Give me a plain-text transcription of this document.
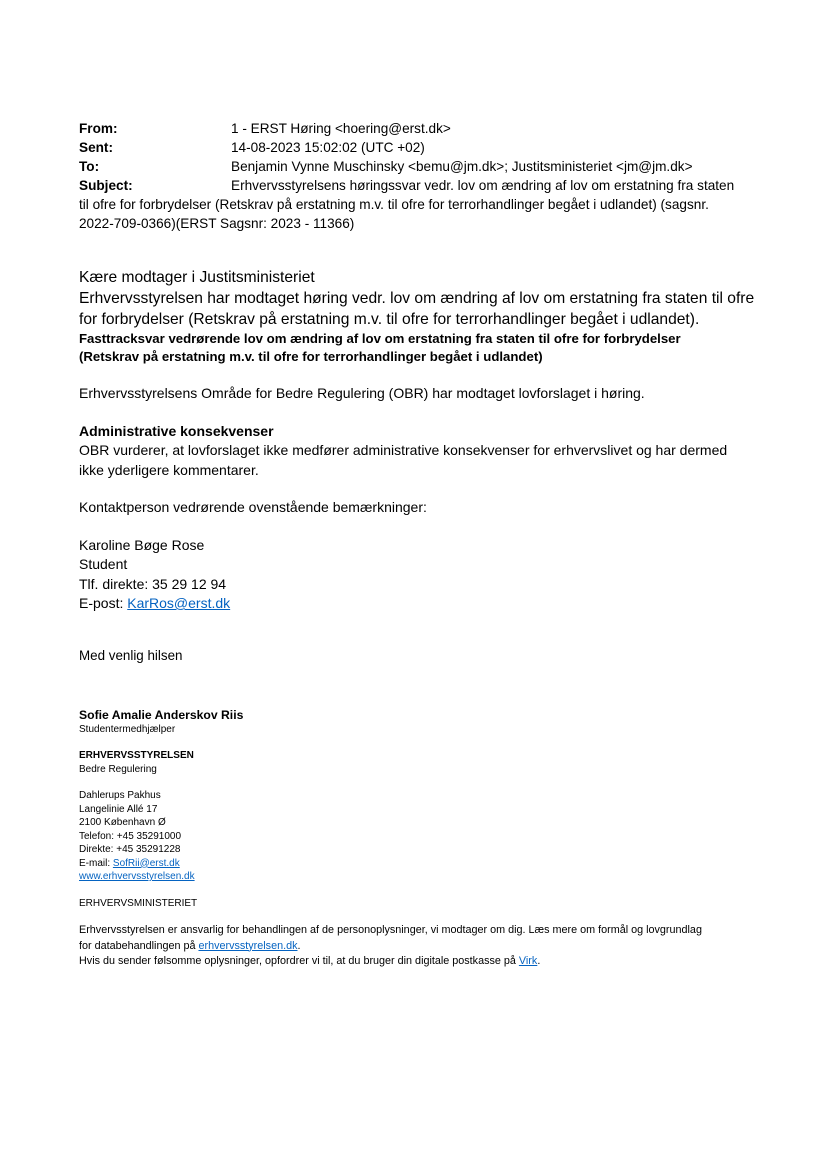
From:	1 - ERST Høring <hoering@erst.dk>
Sent:	14-08-2023 15:02:02 (UTC +02)
To:	Benjamin Vynne Muschinsky <bemu@jm.dk>; Justitsministeriet <jm@jm.dk>
Subject:	Erhvervsstyrelsens høringssvar vedr. lov om ændring af lov om erstatning fra staten
til ofre for forbrydelser (Retskrav på erstatning m.v. til ofre for terrorhandlinger begået i udlandet) (sagsnr.
2022-709-0366)(ERST Sagsnr: 2023 - 11366)
Kære modtager i Justitsministeriet
Erhvervsstyrelsen har modtaget høring vedr. lov om ændring af lov om erstatning fra staten til ofre
for forbrydelser (Retskrav på erstatning m.v. til ofre for terrorhandlinger begået i udlandet).
Fasttracksvar vedrørende lov om ændring af lov om erstatning fra staten til ofre for forbrydelser
(Retskrav på erstatning m.v. til ofre for terrorhandlinger begået i udlandet)
Erhvervsstyrelsens Område for Bedre Regulering (OBR) har modtaget lovforslaget i høring.
Administrative konsekvenser
OBR vurderer, at lovforslaget ikke medfører administrative konsekvenser for erhvervslivet og har dermed
ikke yderligere kommentarer.
Kontaktperson vedrørende ovenstående bemærkninger:
Karoline Bøge Rose
Student
Tlf. direkte: 35 29 12 94
E-post: KarRos@erst.dk
Med venlig hilsen
Sofie Amalie Anderskov Riis
Studentermedhjælper
ERHVERVSSTYRELSEN
Bedre Regulering
Dahlerups Pakhus
Langelinie Allé 17
2100 København Ø
Telefon: +45 35291000
Direkte: +45 35291228
E-mail: SofRii@erst.dk
www.erhvervsstyrelsen.dk
ERHVERVSMINISTERIET
Erhvervsstyrelsen er ansvarlig for behandlingen af de personoplysninger, vi modtager om dig. Læs mere om formål og lovgrundlag
for databehandlingen på erhvervsstyrelsen.dk.
Hvis du sender følsomme oplysninger, opfordrer vi til, at du bruger din digitale postkasse på Virk.
